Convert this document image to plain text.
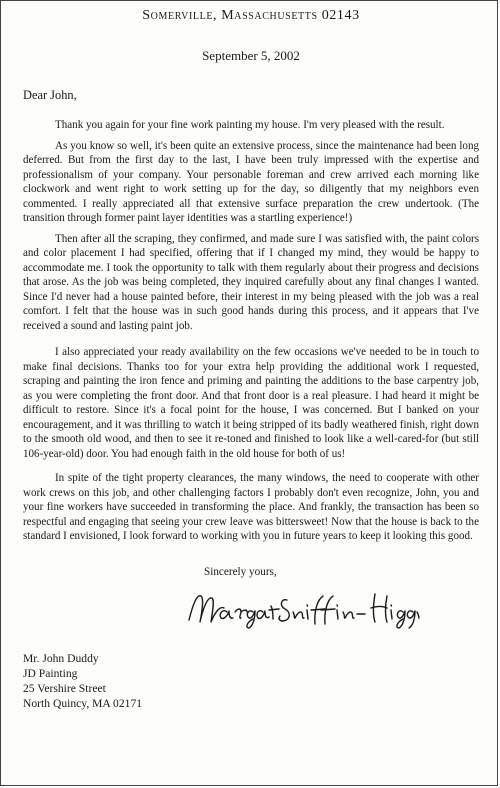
Somerville, Massachusetts 02143
September 5, 2002
Dear John,

Thank you again for your fine work painting my house. I'm very pleased with the result.

As you know so well, it's been quite an extensive process, since the maintenance had been long deferred. But from the first day to the last, I have been truly impressed with the expertise and professionalism of your company. Your personable foreman and crew arrived each morning like clockwork and went right to work setting up for the day, so diligently that my neighbors even commented. I really appreciated all that extensive surface preparation the crew undertook. (The transition through former paint layer identities was a startling experience!)

Then after all the scraping, they confirmed, and made sure I was satisfied with, the paint colors and color placement I had specified, offering that if I changed my mind, they would be happy to accommodate me. I took the opportunity to talk with them regularly about their progress and decisions that arose. As the job was being completed, they inquired carefully about any final changes I wanted. Since I'd never had a house painted before, their interest in my being pleased with the job was a real comfort. I felt that the house was in such good hands during this process, and it appears that I've received a sound and lasting paint job.

I also appreciated your ready availability on the few occasions we've needed to be in touch to make final decisions. Thanks too for your extra help providing the additional work I requested, scraping and painting the iron fence and priming and painting the additions to the base carpentry job, as you were completing the front door. And that front door is a real pleasure. I had heard it might be difficult to restore. Since it's a focal point for the house, I was concerned. But I banked on your encouragement, and it was thrilling to watch it being stripped of its badly weathered finish, right down to the smooth old wood, and then to see it re-toned and finished to look like a well-cared-for (but still 106-year-old) door. You had enough faith in the old house for both of us!

In spite of the tight property clearances, the many windows, the need to cooperate with other work crews on this job, and other challenging factors I probably don't even recognize, John, you and your fine workers have succeeded in transforming the place. And frankly, the transaction has been so respectful and engaging that seeing your crew leave was bittersweet! Now that the house is back to the standard I envisioned, I look forward to working with you in future years to keep it looking this good.

Sincerely yours,
Mr. John Duddy
JD Painting
25 Vershire Street
North Quincy, MA 02171
